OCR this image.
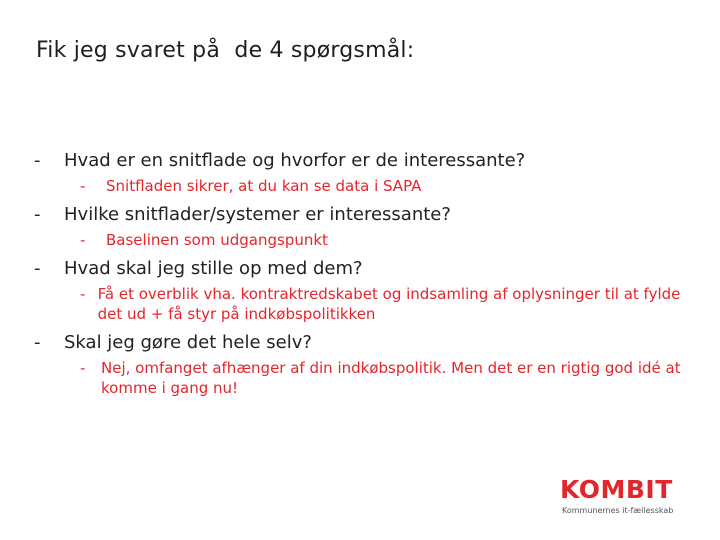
Fik jeg svaret på  de 4 spørgsmål:
-	Hvad er en snitflade og hvorfor er de interessante?
-	Snitfladen sikrer, at du kan se data i SAPA
-	Hvilke snitflader/systemer er interessante?
-	Baselinen som udgangspunkt
-	Hvad skal jeg stille op med dem?
- Få et overblik vha. kontraktredskabet og indsamling af oplysninger til at fylde det ud + få styr på indkøbspolitikken
-	Skal jeg gøre det hele selv?
-	Nej, omfanget afhænger af din indkøbspolitik. Men det er en rigtig god idé at komme i gang nu!
KOMBIT
Kommunernes it-fællesskab
